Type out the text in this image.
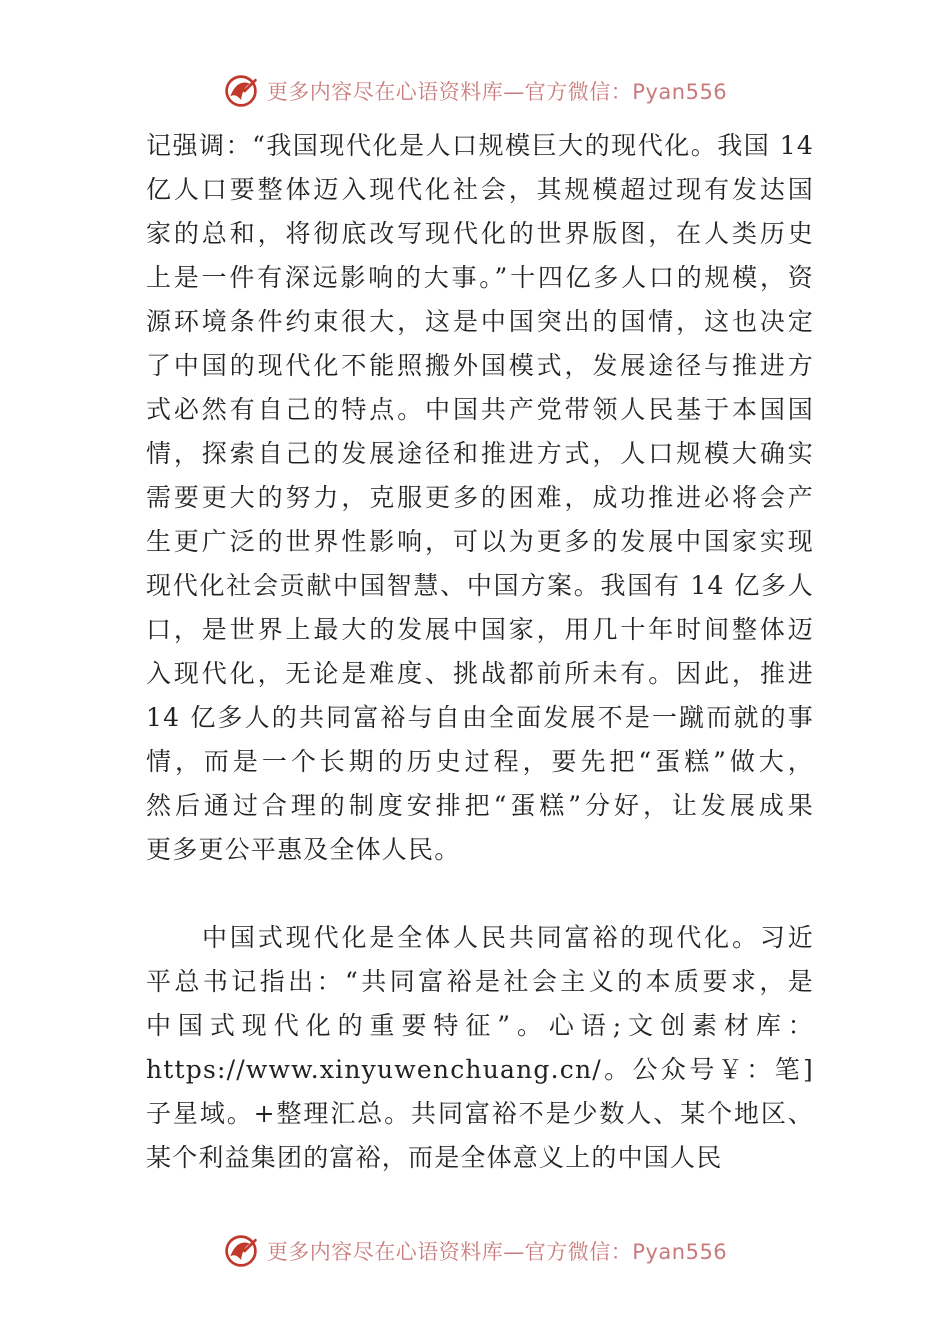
更多内容尽在心语资料库—官方微信：Pyan556
记强调：“我国现代化是人口规模巨大的现代化。我国 14
亿人口要整体迈入现代化社会，其规模超过现有发达国
家的总和，将彻底改写现代化的世界版图，在人类历史
上是一件有深远影响的大事。”十四亿多人口的规模，资
源环境条件约束很大，这是中国突出的国情，这也决定
了中国的现代化不能照搬外国模式，发展途径与推进方
式必然有自己的特点。中国共产党带领人民基于本国国
情，探索自己的发展途径和推进方式，人口规模大确实
需要更大的努力，克服更多的困难，成功推进必将会产
生更广泛的世界性影响，可以为更多的发展中国家实现
现代化社会贡献中国智慧、中国方案。我国有 14 亿多人
口，是世界上最大的发展中国家，用几十年时间整体迈
入现代化，无论是难度、挑战都前所未有。因此，推进
14 亿多人的共同富裕与自由全面发展不是一蹴而就的事
情，而是一个长期的历史过程，要先把“蛋糕”做大，
然后通过合理的制度安排把“蛋糕”分好，让发展成果
更多更公平惠及全体人民。
中国式现代化是全体人民共同富裕的现代化。习近
平总书记指出：“共同富裕是社会主义的本质要求，是
中国式现代化的重要特征”。心语;文创素材库：
https://www.xinyuwenchuang.cn/。公众号￥：笔]
子星域。+整理汇总。共同富裕不是少数人、某个地区、
某个利益集团的富裕，而是全体意义上的中国人民
更多内容尽在心语资料库—官方微信：Pyan556
